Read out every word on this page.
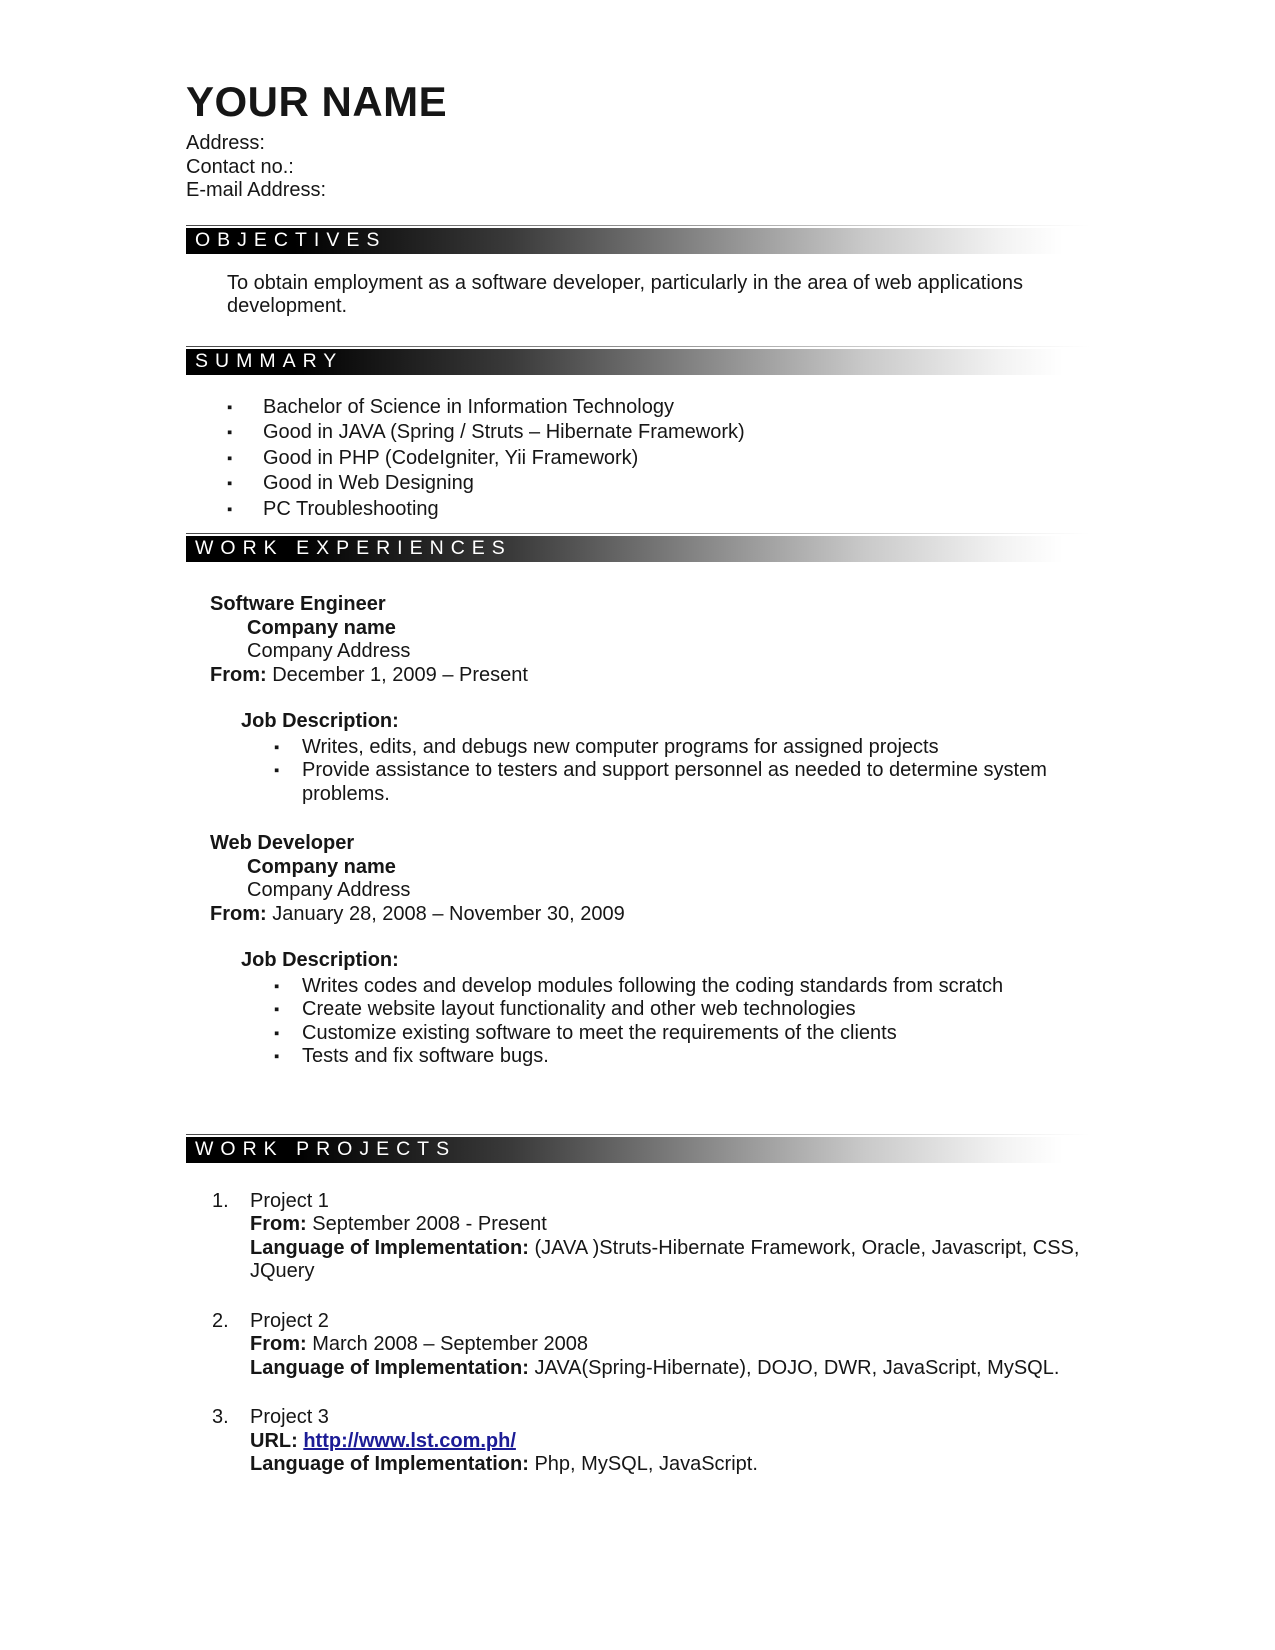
YOUR NAME
Address:
Contact no.:
E-mail Address:
OBJECTIVES
To obtain employment as a software developer, particularly in the area of web applications development.
SUMMARY
▪	Bachelor of Science in Information Technology
▪	Good in JAVA (Spring / Struts – Hibernate Framework)
▪	Good in PHP (CodeIgniter, Yii Framework)
▪	Good in Web Designing
▪	PC Troubleshooting
WORK EXPERIENCES
Software Engineer
Company name
Company Address
From: December 1, 2009 – Present
Job Description:
▪	Writes, edits, and debugs new computer programs for assigned projects
▪	Provide assistance to testers and support personnel as needed to determine system problems.
Web Developer
Company name
Company Address
From: January 28, 2008 – November 30, 2009
Job Description:
▪	Writes codes and develop modules following the coding standards from scratch
▪	Create website layout functionality and other web technologies
▪	Customize existing software to meet the requirements of the clients
▪	Tests and fix software bugs.
WORK PROJECTS
1.	Project 1
From: September 2008 - Present
Language of Implementation: (JAVA )Struts-Hibernate Framework, Oracle, Javascript, CSS, JQuery
2.	Project 2
From: March 2008 – September 2008
Language of Implementation: JAVA(Spring-Hibernate), DOJO, DWR, JavaScript, MySQL.
3.	Project 3
URL: http://www.lst.com.ph/
Language of Implementation: Php, MySQL, JavaScript.
